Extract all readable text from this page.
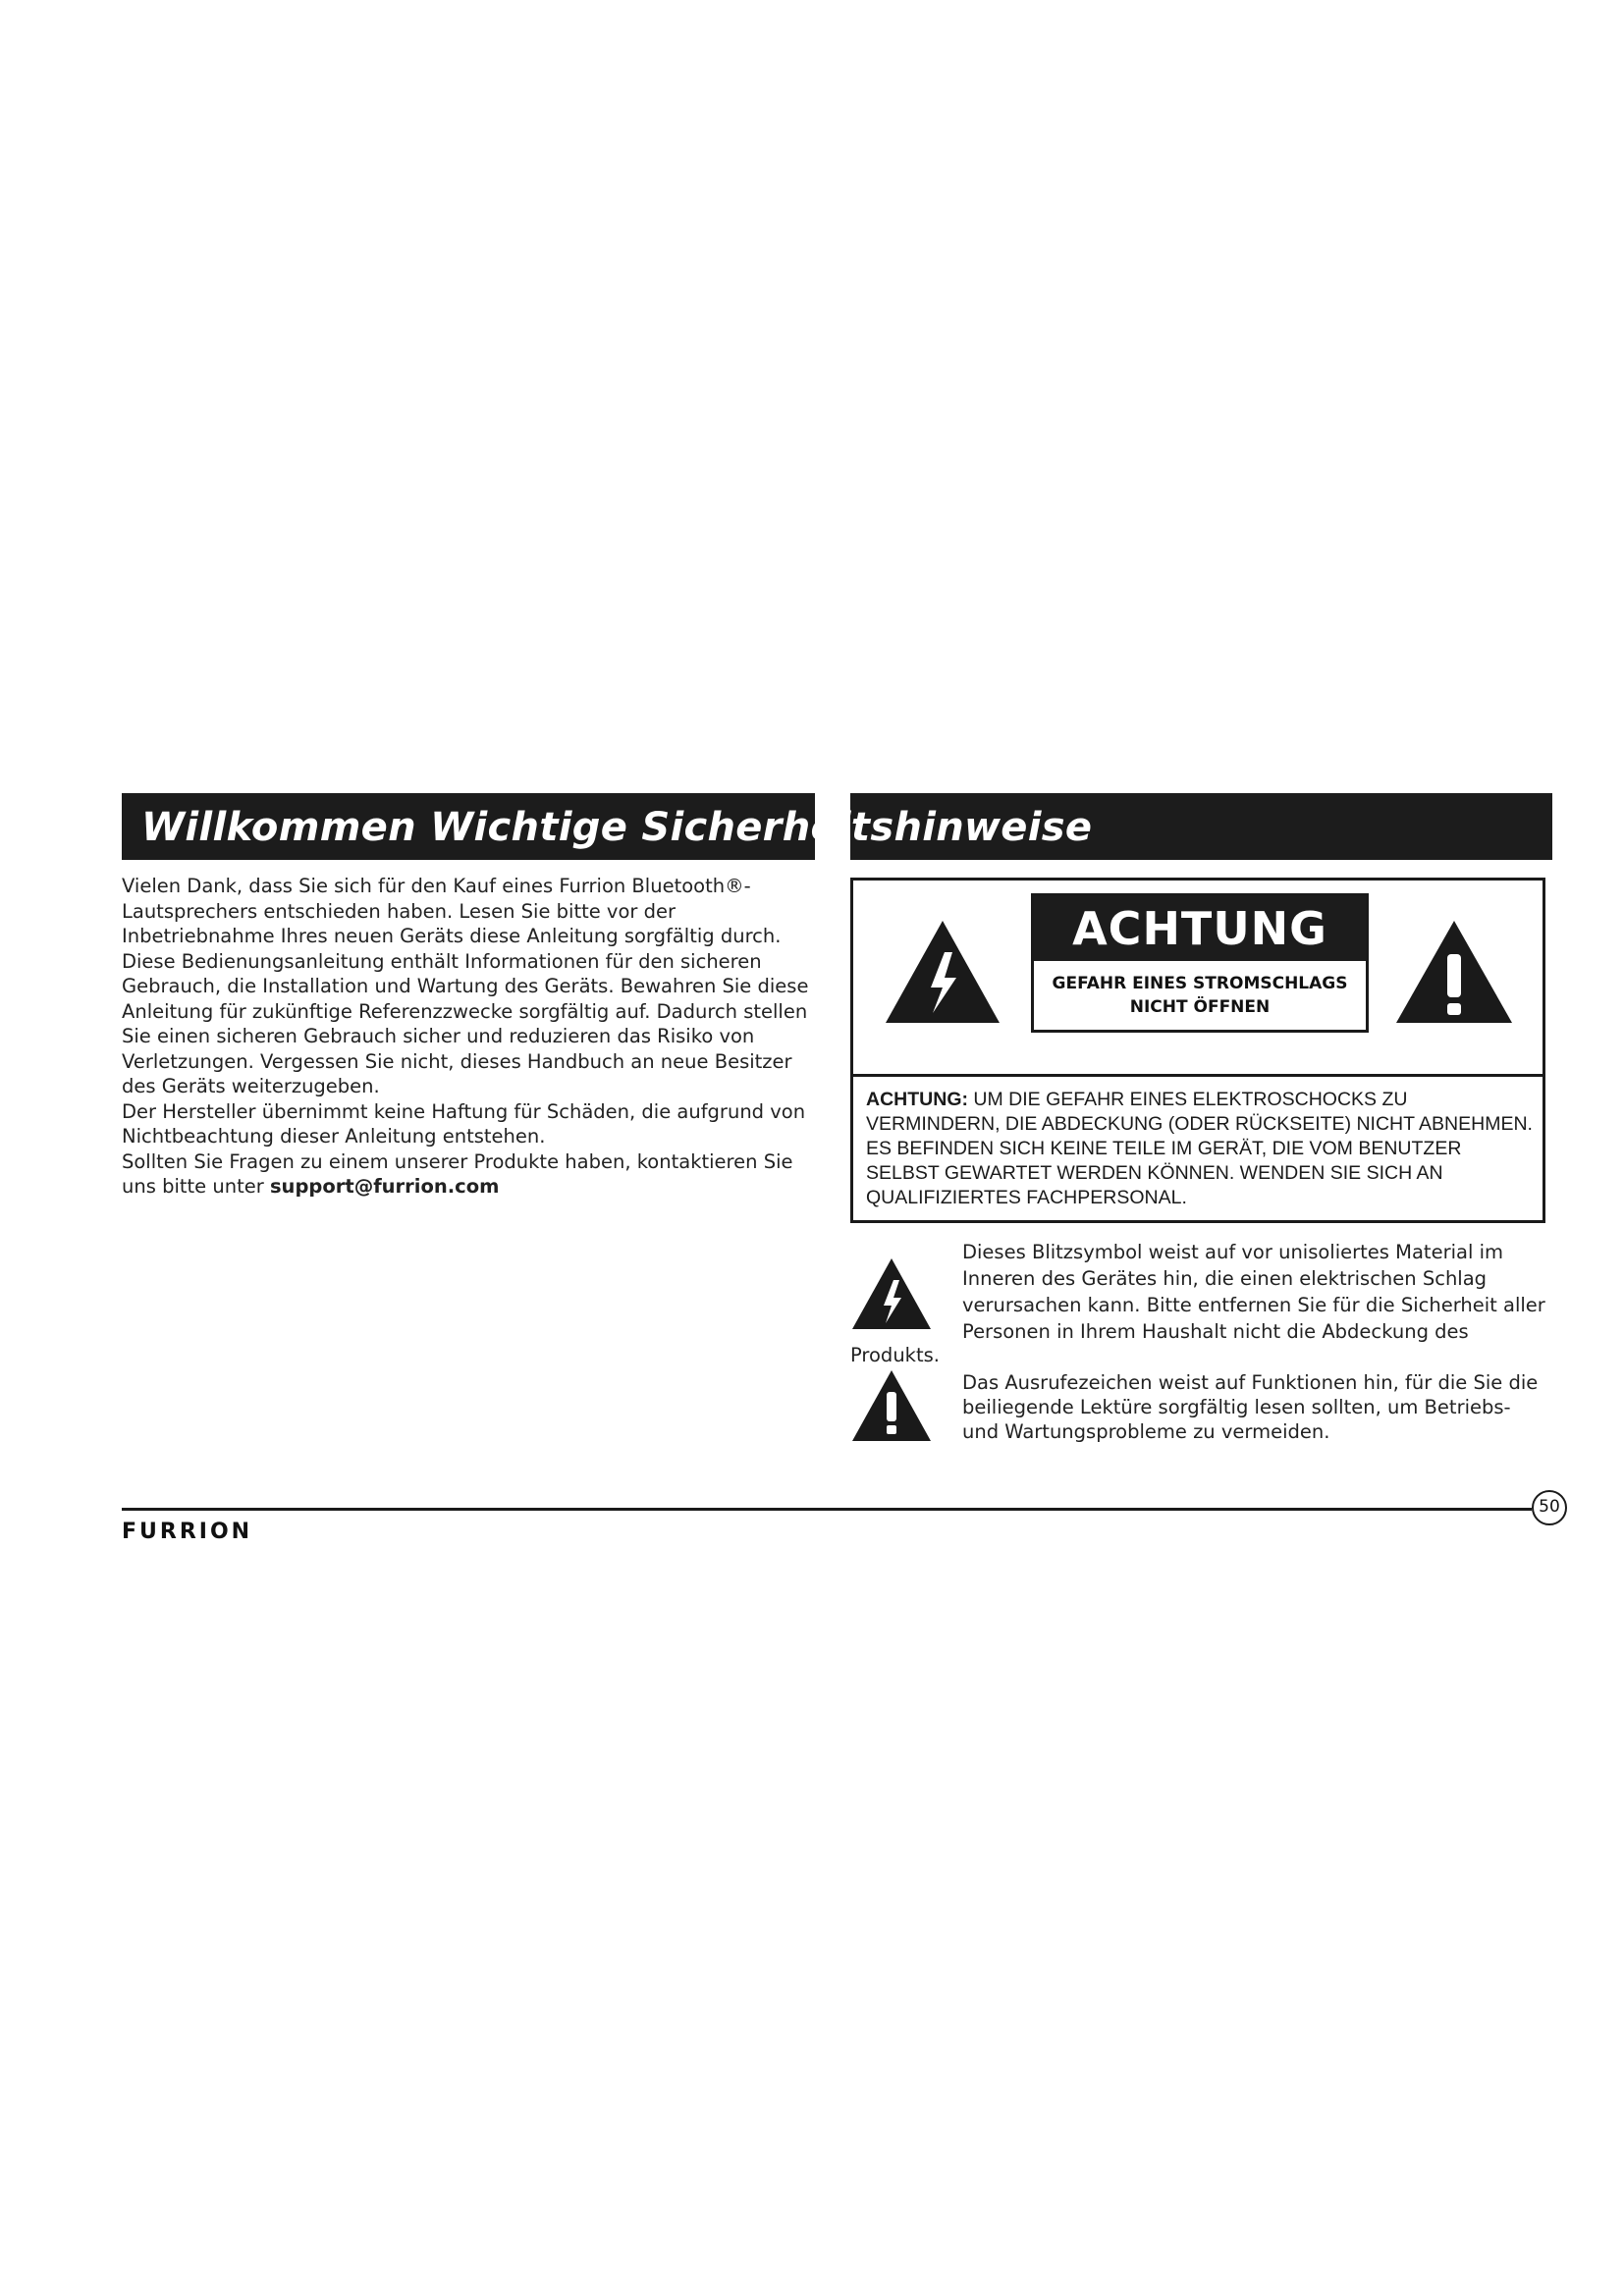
Willkommen Wichtige Sicherheitshinweise

Vielen Dank, dass Sie sich für den Kauf eines Furrion Bluetooth®-Lautsprechers entschieden haben. Lesen Sie bitte vor der Inbetriebnahme Ihres neuen Geräts diese Anleitung sorgfältig durch.

Diese Bedienungsanleitung enthält Informationen für den sicheren Gebrauch, die Installation und Wartung des Geräts. Bewahren Sie diese Anleitung für zukünftige Referenzzwecke sorgfältig auf. Dadurch stellen Sie einen sicheren Gebrauch sicher und reduzieren das Risiko von Verletzungen. Vergessen Sie nicht, dieses Handbuch an neue Besitzer des Geräts weiterzugeben.

Der Hersteller übernimmt keine Haftung für Schäden, die aufgrund von Nichtbeachtung dieser Anleitung entstehen.

Sollten Sie Fragen zu einem unserer Produkte haben, kontaktieren Sie uns bitte unter support@furrion.com

ACHTUNG
GEFAHR EINES STROMSCHLAGS
NICHT ÖFFNEN
ACHTUNG: UM DIE GEFAHR EINES ELEKTROSCHOCKS ZU VERMINDERN, DIE ABDECKUNG (ODER RÜCKSEITE) NICHT ABNEHMEN. ES BEFINDEN SICH KEINE TEILE IM GERÄT, DIE VOM BENUTZER SELBST GEWARTET WERDEN KÖNNEN. WENDEN SIE SICH AN QUALIFIZIERTES FACHPERSONAL.
Dieses Blitzsymbol weist auf vor unisoliertes Material im Inneren des Gerätes hin, die einen elektrischen Schlag verursachen kann. Bitte entfernen Sie für die Sicherheit aller Personen in Ihrem Haushalt nicht die Abdeckung des
Produkts.
Das Ausrufezeichen weist auf Funktionen hin, für die Sie die beiliegende Lektüre sorgfältig lesen sollten, um Betriebs- und Wartungsprobleme zu vermeiden.
50
FURRION
